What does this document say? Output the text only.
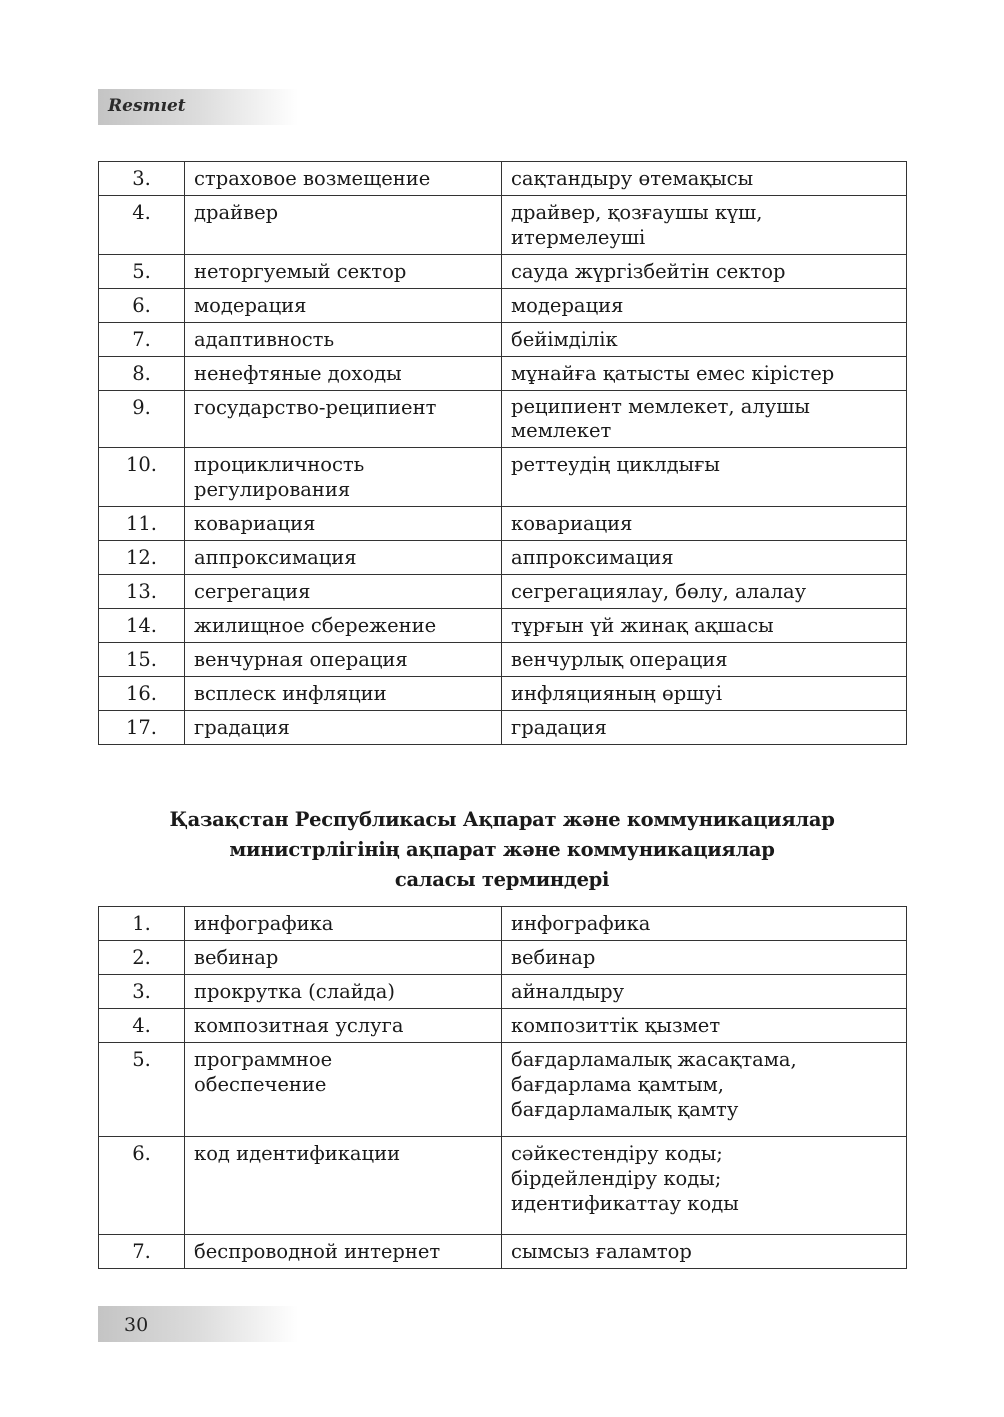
Resmıet
3.	страховое возмещение	сақтандыру өтемақысы
4.	драйвер	драйвер, қозғаушы күш, итермелеуші
5.	неторгуемый сектор	сауда жүргізбейтін сектор
6.	модерация	модерация
7.	адаптивность	бейімділік
8.	ненефтяные доходы	мұнайға қатысты емес кірістер
9.	государство-реципиент	реципиент мемлекет, алушы мемлекет
10.	процикличность регулирования	реттеудің циклдығы
11.	ковариация	ковариация
12.	аппроксимация	аппроксимация
13.	сегрегация	сегрегациялау, бөлу, алалау
14.	жилищное сбережение	тұрғын үй жинақ ақшасы
15.	венчурная операция	венчурлық операция
16.	всплеск инфляции	инфляцияның өршуі
17.	градация	градация
Қазақстан Республикасы Ақпарат және коммуникациялар
министрлігінің ақпарат және коммуникациялар
саласы терминдері
1.	инфографика	инфографика
2.	вебинар	вебинар
3.	прокрутка (слайда)	айналдыру
4.	композитная услуга	композиттік қызмет
5.	программное обеспечение	бағдарламалық жасақтама, бағдарлама қамтым, бағдарламалық қамту
6.	код идентификации	сәйкестендіру коды; бірдейлендіру коды; идентификаттау коды
7.	беспроводной интернет	сымсыз ғаламтор
30
